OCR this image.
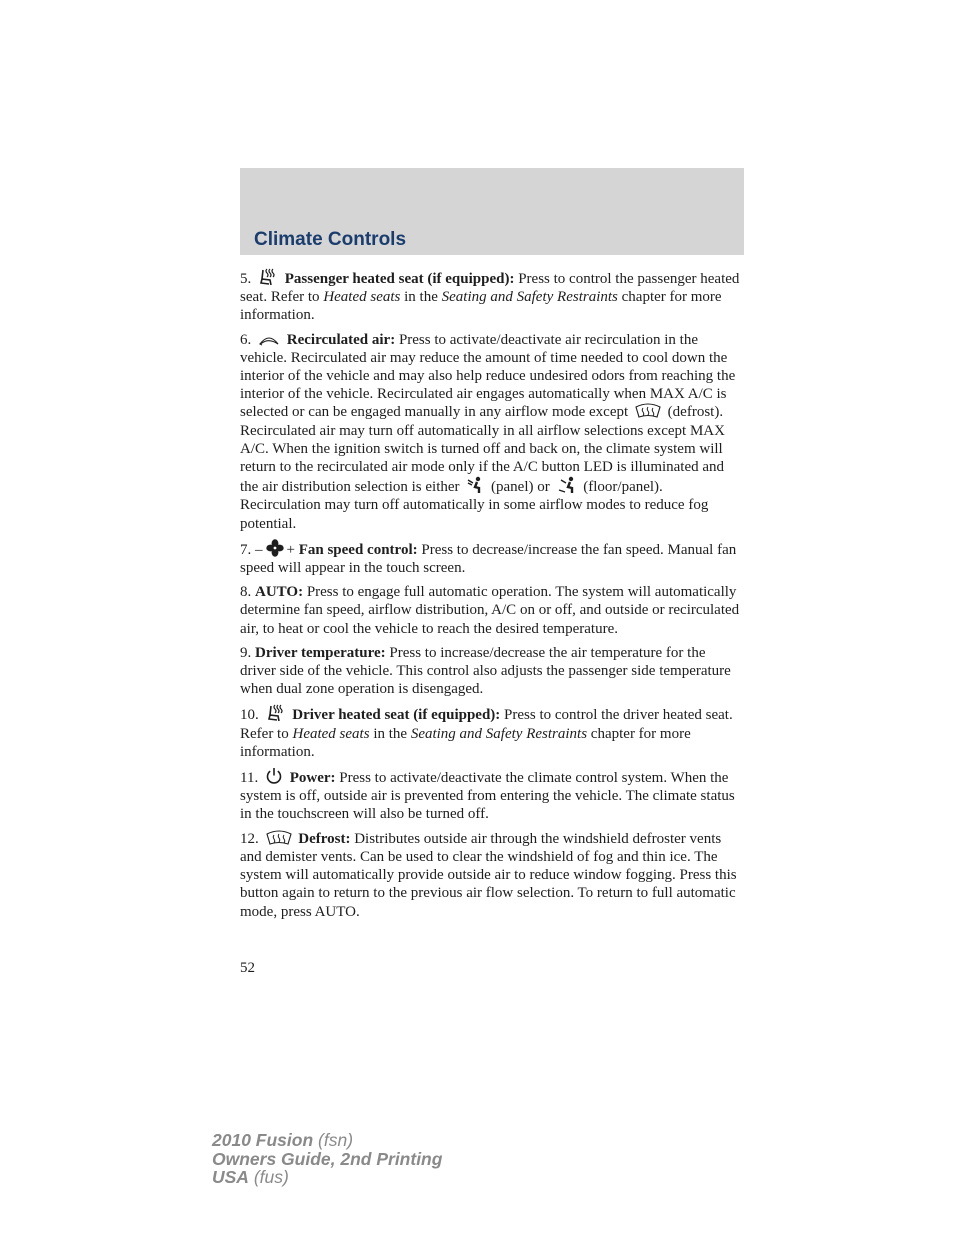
Climate Controls

5. Passenger heated seat (if equipped): Press to control the passenger heated seat. Refer to Heated seats in the Seating and Safety Restraints chapter for more information.

6. Recirculated air: Press to activate/deactivate air recirculation in the vehicle. Recirculated air may reduce the amount of time needed to cool down the interior of the vehicle and may also help reduce undesired odors from reaching the interior of the vehicle. Recirculated air engages automatically when MAX A/C is selected or can be engaged manually in any airflow mode except  (defrost). Recirculated air may turn off automatically in all airflow selections except MAX A/C. When the ignition switch is turned off and back on, the climate system will return to the recirculated air mode only if the A/C button LED is illuminated and the air distribution selection is either  (panel) or  (floor/panel). Recirculation may turn off automatically in some airflow modes to reduce fog potential.

7. – + Fan speed control: Press to decrease/increase the fan speed. Manual fan speed will appear in the touch screen.

8. AUTO: Press to engage full automatic operation. The system will automatically determine fan speed, airflow distribution, A/C on or off, and outside or recirculated air, to heat or cool the vehicle to reach the desired temperature.

9. Driver temperature: Press to increase/decrease the air temperature for the driver side of the vehicle. This control also adjusts the passenger side temperature when dual zone operation is disengaged.

10. Driver heated seat (if equipped): Press to control the driver heated seat. Refer to Heated seats in the Seating and Safety Restraints chapter for more information.

11. Power: Press to activate/deactivate the climate control system. When the system is off, outside air is prevented from entering the vehicle. The climate status in the touchscreen will also be turned off.

12.	Defrost: Distributes outside air through the windshield defroster vents and demister vents. Can be used to clear the windshield of fog and thin ice. The system will automatically provide outside air to reduce window fogging. Press this button again to return to the previous air flow selection. To return to full automatic mode, press AUTO.

52
2010 Fusion (fsn)
Owners Guide, 2nd Printing
USA (fus)
